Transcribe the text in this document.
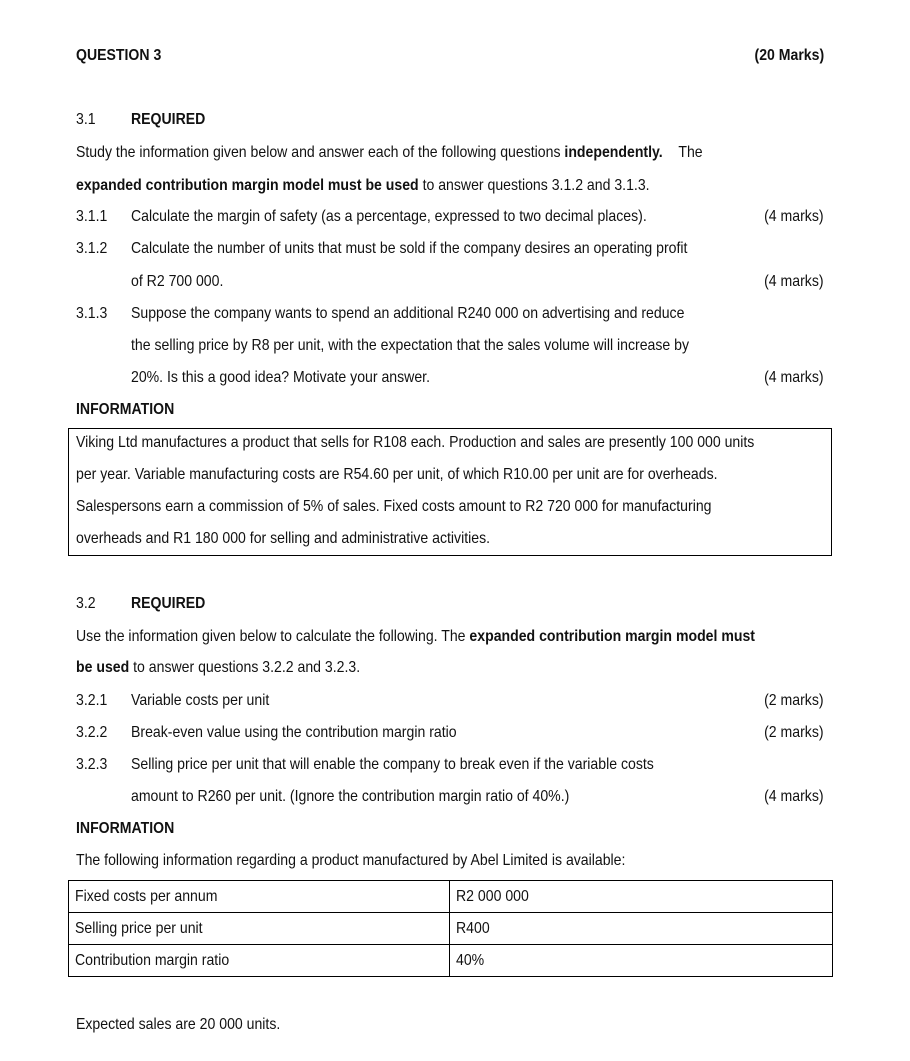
QUESTION 3	(20 Marks)
3.1 REQUIRED
Study the information given below and answer each of the following questions independently. The
expanded contribution margin model must be used to answer questions 3.1.2 and 3.1.3.
3.1.1 Calculate the margin of safety (as a percentage, expressed to two decimal places).	(4 marks)
3.1.2 Calculate the number of units that must be sold if the company desires an operating profit
of R2 700 000.	(4 marks)
3.1.3 Suppose the company wants to spend an additional R240 000 on advertising and reduce
the selling price by R8 per unit, with the expectation that the sales volume will increase by
20%. Is this a good idea? Motivate your answer.	(4 marks)
INFORMATION
Viking Ltd manufactures a product that sells for R108 each. Production and sales are presently 100 000 units
per year. Variable manufacturing costs are R54.60 per unit, of which R10.00 per unit are for overheads.
Salespersons earn a commission of 5% of sales. Fixed costs amount to R2 720 000 for manufacturing
overheads and R1 180 000 for selling and administrative activities.
3.2 REQUIRED
Use the information given below to calculate the following. The expanded contribution margin model must
be used to answer questions 3.2.2 and 3.2.3.
3.2.1 Variable costs per unit	(2 marks)
3.2.2 Break-even value using the contribution margin ratio	(2 marks)
3.2.3 Selling price per unit that will enable the company to break even if the variable costs
amount to R260 per unit. (Ignore the contribution margin ratio of 40%.)	(4 marks)
INFORMATION
The following information regarding a product manufactured by Abel Limited is available:
Fixed costs per annum	R2 000 000
Selling price per unit	R400
Contribution margin ratio	40%
Expected sales are 20 000 units.
